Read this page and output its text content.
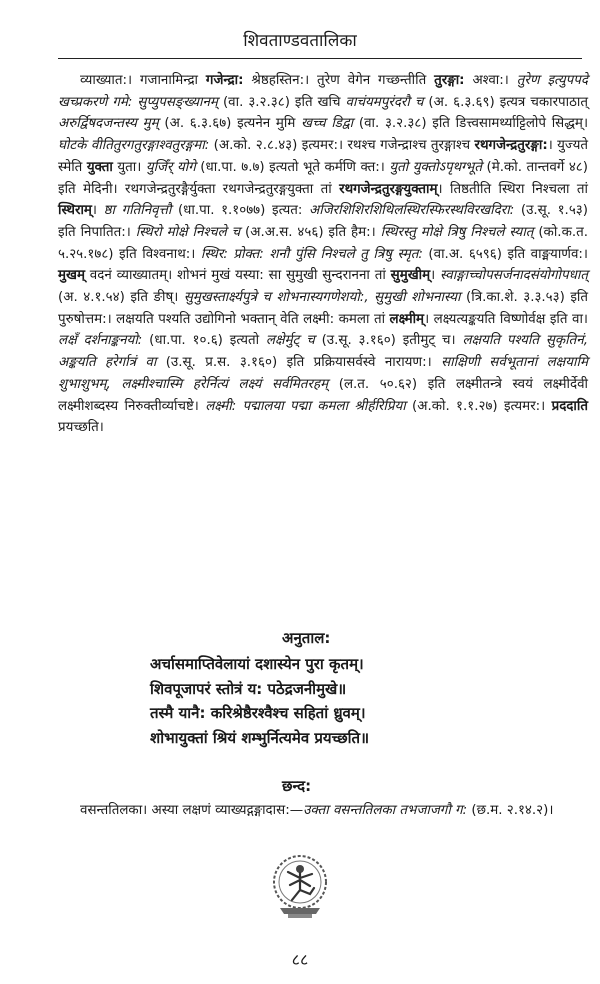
शिवताण्डवतालिका
व्याख्यात:। गजानामिन्द्रा गजेन्द्रा: श्रेष्ठहस्तिन:। तुरेण वेगेन गच्छन्तीति तुरङ्गा: अश्वा:। तुरेण इत्युपपदे खच्प्रकरणे गमे: सुप्युपसङ्ख्यानम् (वा. ३.२.३८) इति खचि वाचंयमपुरंदरौ च (अ. ६.३.६९) इत्यत्र चकारपाठात् अरुर्द्विषदजन्तस्य मुम् (अ. ६.३.६७) इत्यनेन मुमि खच्च डिद्वा (वा. ३.२.३८) इति डित्त्वसामर्थ्याट्टिलोपे सिद्धम्। घोटके वीतितुरगतुरङ्गाश्वतुरङ्गमा: (अ.को. २.८.४३) इत्यमर:। रथश्च गजेन्द्राश्च तुरङ्गाश्च रथगजेन्द्रतुरङ्गा:। युज्यते स्मेति युक्ता युता। युजिँर् योगे (धा.पा. ७.७) इत्यतो भूते कर्मणि क्त:। युतो युक्तोऽपृथग्भूते (मे.को. तान्तवर्गे ४८) इति मेदिनी। रथगजेन्द्रतुरङ्गैर्युक्ता रथगजेन्द्रतुरङ्गयुक्ता तां रथगजेन्द्रतुरङ्गयुक्ताम्। तिष्ठतीति स्थिरा निश्चला तां स्थिराम्। ष्ठा गतिनिवृत्तौ (धा.पा. १.१०७७) इत्यत: अजिरशिशिरशिथिलस्थिरस्फिरस्थविरखदिरा: (उ.सू. १.५३) इति निपातित:। स्थिरो मोक्षे निश्चले च (अ.अ.स. ४५६) इति हैम:। स्थिरस्तु मोक्षे त्रिषु निश्चले स्यात् (को.क.त. ५.२५.१७८) इति विश्वनाथ:। स्थिर: प्रोक्त: शनौ पुंसि निश्चले तु त्रिषु स्मृत: (वा.अ. ६५९६) इति वाङ्मयार्णव:। मुखम् वदनं व्याख्यातम्। शोभनं मुखं यस्या: सा सुमुखी सुन्दरानना तां सुमुखीम्। स्वाङ्गाच्चोपसर्जनादसंयोगोपधात् (अ. ४.१.५४) इति ङीष्। सुमुखस्तार्क्ष्यपुत्रे च शोभनास्यगणेशयो:, सुमुखी शोभनास्या (त्रि.का.शे. ३.३.५३) इति पुरुषोत्तम:। लक्षयति पश्यति उद्योगिनो भक्तान् वेति लक्ष्मी: कमला तां लक्ष्मीम्। लक्ष्यत्यङ्कयति विष्णोर्वक्ष इति वा। लक्षँ दर्शनाङ्कनयो: (धा.पा. १०.६) इत्यतो लक्षेर्मुट् च (उ.सू. ३.१६०) इतीमुट् च। लक्षयति पश्यति सुकृतिनं, अङ्कयति हरेर्गात्रं वा (उ.सू. प्र.स. ३.१६०) इति प्रक्रियासर्वस्वे नारायण:। साक्षिणी सर्वभूतानां लक्षयामि शुभाशुभम्, लक्ष्मीश्चास्मि हरेर्नित्यं लक्ष्यं सर्वमितरहम् (ल.त. ५०.६२) इति लक्ष्मीतन्त्रे स्वयं लक्ष्मीर्देवी लक्ष्मीशब्दस्य निरुक्तीर्व्याचष्टे। लक्ष्मी: पद्मालया पद्मा कमला श्रीर्हरिप्रिया (अ.को. १.१.२७) इत्यमर:। प्रददाति प्रयच्छति।
अनुताल:
अर्चासमाप्तिवेलायां दशास्येन पुरा कृतम्।
शिवपूजापरं स्तोत्रं य: पठेद्रजनीमुखे॥
तस्मै यानै: करिश्रेष्ठैरश्वैश्च सहितां ध्रुवम्।
शोभायुक्तां श्रियं शम्भुर्नित्यमेव प्रयच्छति॥
छन्द:
वसन्ततिलका। अस्या लक्षणं व्याख्यद्गङ्गादास:—उक्ता वसन्ततिलका तभजाजगौ ग: (छ.म. २.१४.२)।
८८
